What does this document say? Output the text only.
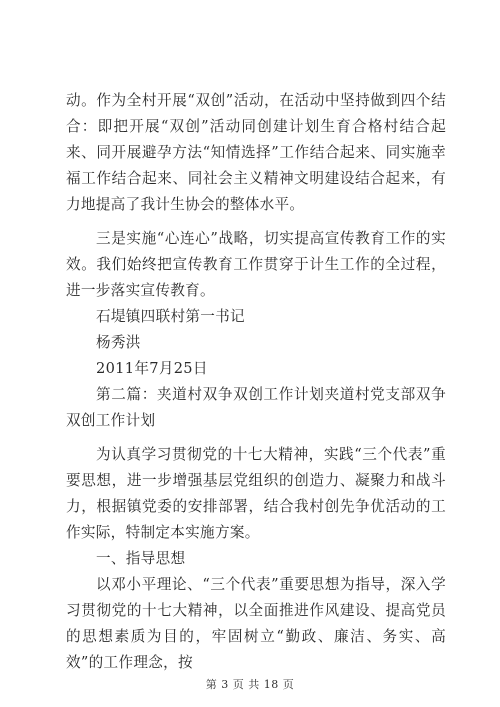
动。作为全村开展“双创”活动，在活动中坚持做到四个结合：即把开展“双创”活动同创建计划生育合格村结合起来、同开展避孕方法“知情选择”工作结合起来、同实施幸福工作结合起来、同社会主义精神文明建设结合起来，有力地提高了我计生协会的整体水平。

三是实施“心连心”战略，切实提高宣传教育工作的实效。我们始终把宣传教育工作贯穿于计生工作的全过程，进一步落实宣传教育。

石堤镇四联村第一书记

杨秀洪

2011年7月25日

第二篇：夹道村双争双创工作计划夹道村党支部双争双创工作计划

为认真学习贯彻党的十七大精神，实践“三个代表”重要思想，进一步增强基层党组织的创造力、凝聚力和战斗力，根据镇党委的安排部署，结合我村创先争优活动的工作实际，特制定本实施方案。

一、指导思想

以邓小平理论、“三个代表”重要思想为指导，深入学习贯彻党的十七大精神，以全面推进作风建设、提高党员的思想素质为目的，牢固树立“勤政、廉洁、务实、高效”的工作理念，按

第 3 页 共 18 页
